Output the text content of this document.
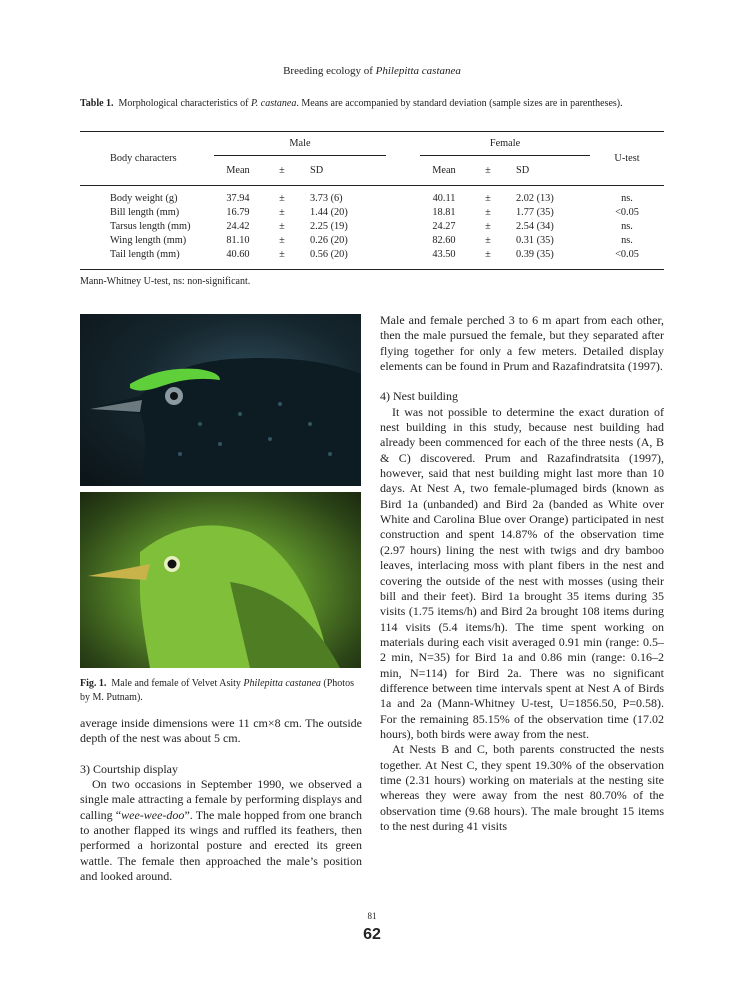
Breeding ecology of Philepitta castanea
Table 1. Morphological characteristics of P. castanea. Means are accompanied by standard deviation (sample sizes are in parentheses).
Body characters	Male				Female			U-test
	Mean	±	SD		Mean	±	SD	

Body weight (g)	37.94	±	3.73 (6)		40.11	±	2.02 (13)	ns.
Bill length (mm)	16.79	±	1.44 (20)		18.81	±	1.77 (35)	<0.05
Tarsus length (mm)	24.42	±	2.25 (19)		24.27	±	2.54 (34)	ns.
Wing length (mm)	81.10	±	0.26 (20)		82.60	±	0.31 (35)	ns.
Tail length (mm)	40.60	±	0.56 (20)		43.50	±	0.39 (35)	<0.05

Mann-Whitney U-test, ns: non-significant.
Fig. 1. Male and female of Velvet Asity Philepitta castanea (Photos by M. Putnam).

average inside dimensions were 11 cm×8 cm. The outside depth of the nest was about 5 cm.

3) Courtship display

On two occasions in September 1990, we observed a single male attracting a female by performing displays and calling “wee-wee-doo”. The male hopped from one branch to another flapped its wings and ruffled its feathers, then performed a horizontal posture and erected its green wattle. The female then approached the male’s position and looked around.

Male and female perched 3 to 6 m apart from each other, then the male pursued the female, but they separated after flying together for only a few meters. Detailed display elements can be found in Prum and Razafindratsita (1997).

4) Nest building

It was not possible to determine the exact duration of nest building in this study, because nest building had already been commenced for each of the three nests (A, B & C) discovered. Prum and Razafindratsita (1997), however, said that nest building might last more than 10 days. At Nest A, two female-plumaged birds (known as Bird 1a (unbanded) and Bird 2a (banded as White over White and Carolina Blue over Orange) participated in nest construction and spent 14.87% of the observation time (2.97 hours) lining the nest with twigs and dry bamboo leaves, interlacing moss with plant fibers in the nest and covering the outside of the nest with mosses (using their bill and their feet). Bird 1a brought 35 items during 35 visits (1.75 items/h) and Bird 2a brought 108 items during 114 visits (5.4 items/h). The time spent working on materials during each visit averaged 0.91 min (range: 0.5–2 min, N=35) for Bird 1a and 0.86 min (range: 0.16–2 min, N=114) for Bird 2a. There was no significant difference between time intervals spent at Nest A of Birds 1a and 2a (Mann-Whitney U-test, U=1856.50, P=0.58). For the remaining 85.15% of the observation time (17.02 hours), both birds were away from the nest.

At Nests B and C, both parents constructed the nests together. At Nest C, they spent 19.30% of the observation time (2.31 hours) working on materials at the nesting site whereas they were away from the nest 80.70% of the observation time (9.68 hours). The male brought 15 items to the nest during 41 visits

81
62
